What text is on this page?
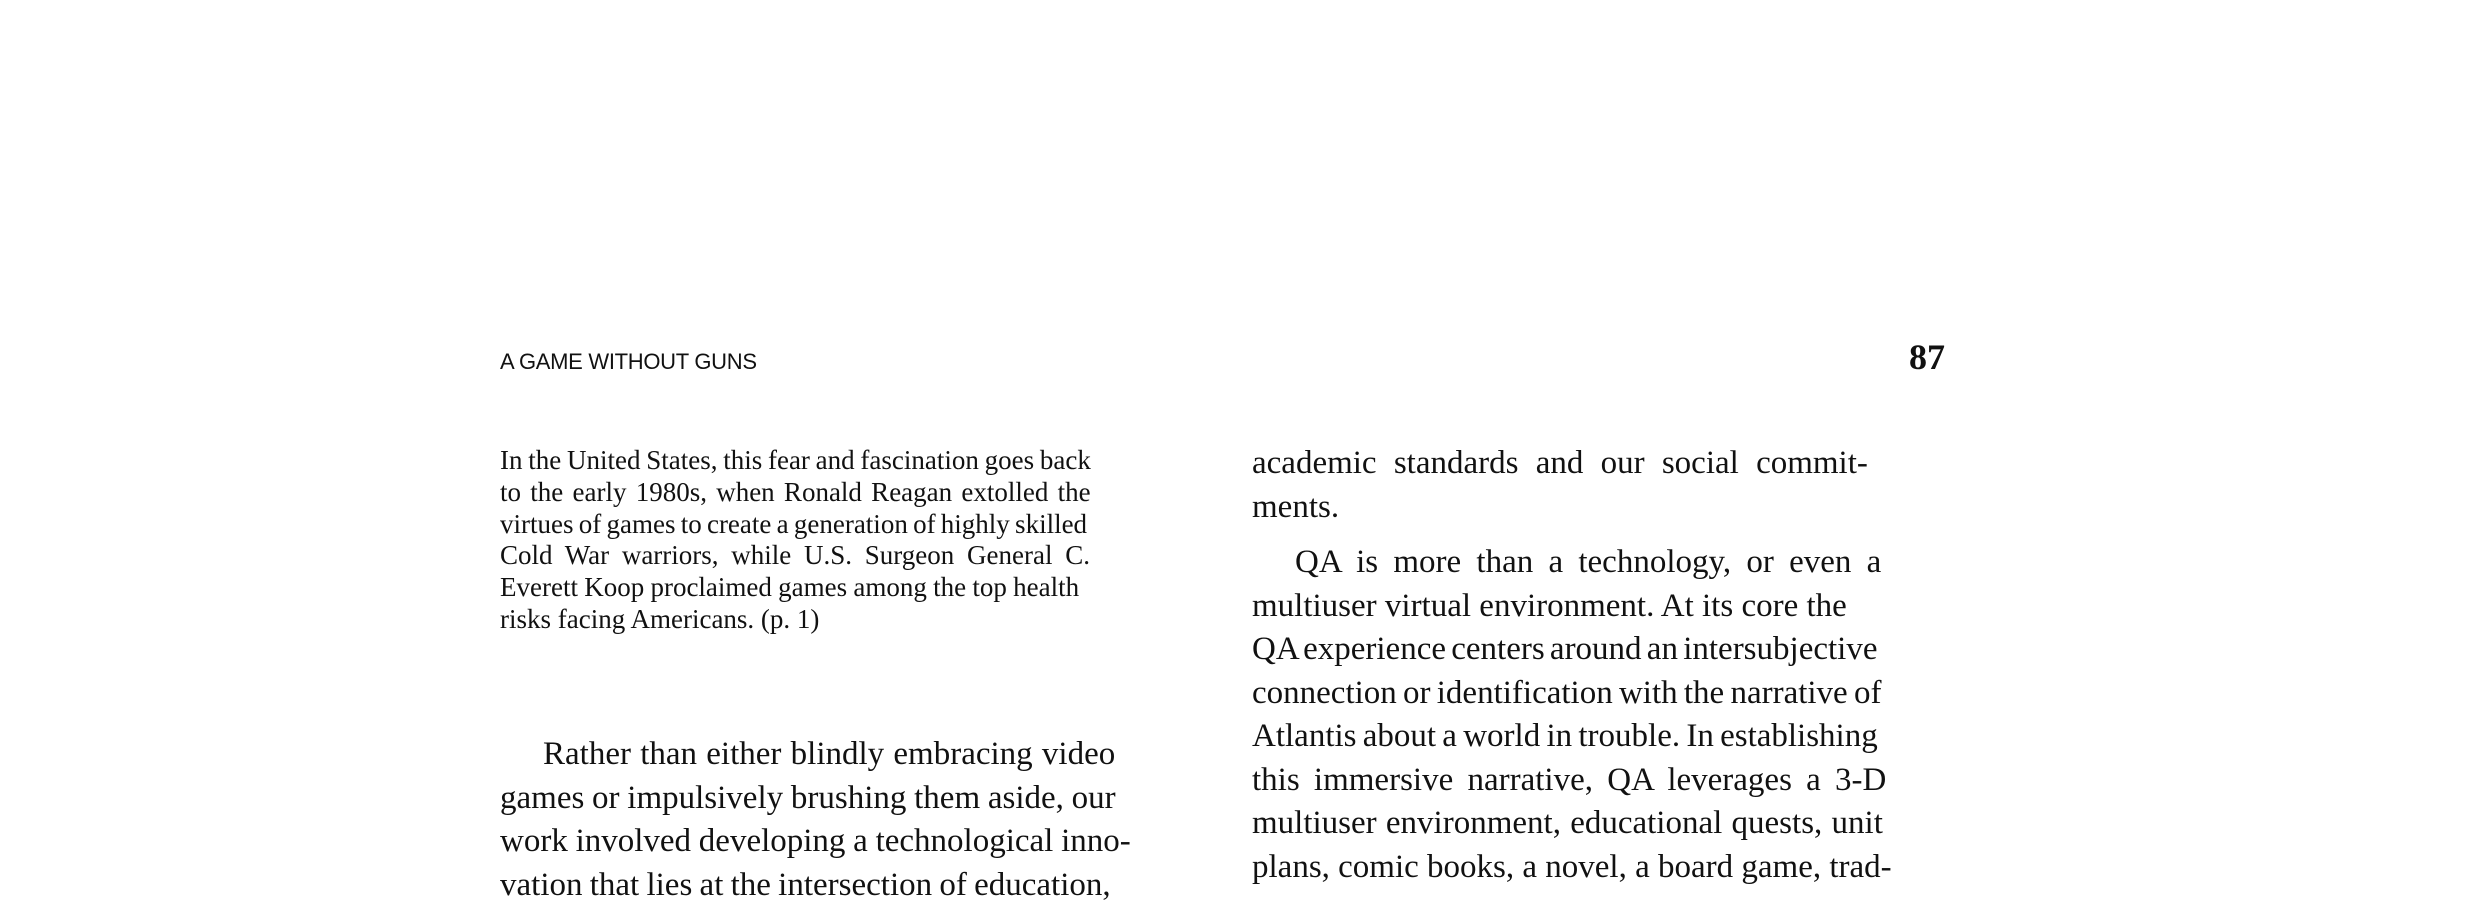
A GAME WITHOUT GUNS	87
In the United States, this fear and fascination goes back
to the early 1980s, when Ronald Reagan extolled the
virtues of games to create a generation of highly skilled
Cold War warriors, while U.S. Surgeon General C.
Everett Koop proclaimed games among the top health
risks facing Americans. (p. 1)
Rather than either blindly embracing video
games or impulsively brushing them aside, our
work involved developing a technological inno-
vation that lies at the intersection of education,
academic standards and our social commit-
ments.
QA is more than a technology, or even a
multiuser virtual environment. At its core the
QA experience centers around an intersubjective
connection or identification with the narrative of
Atlantis about a world in trouble. In establishing
this immersive narrative, QA leverages a 3-D
multiuser environment, educational quests, unit
plans, comic books, a novel, a board game, trad-
